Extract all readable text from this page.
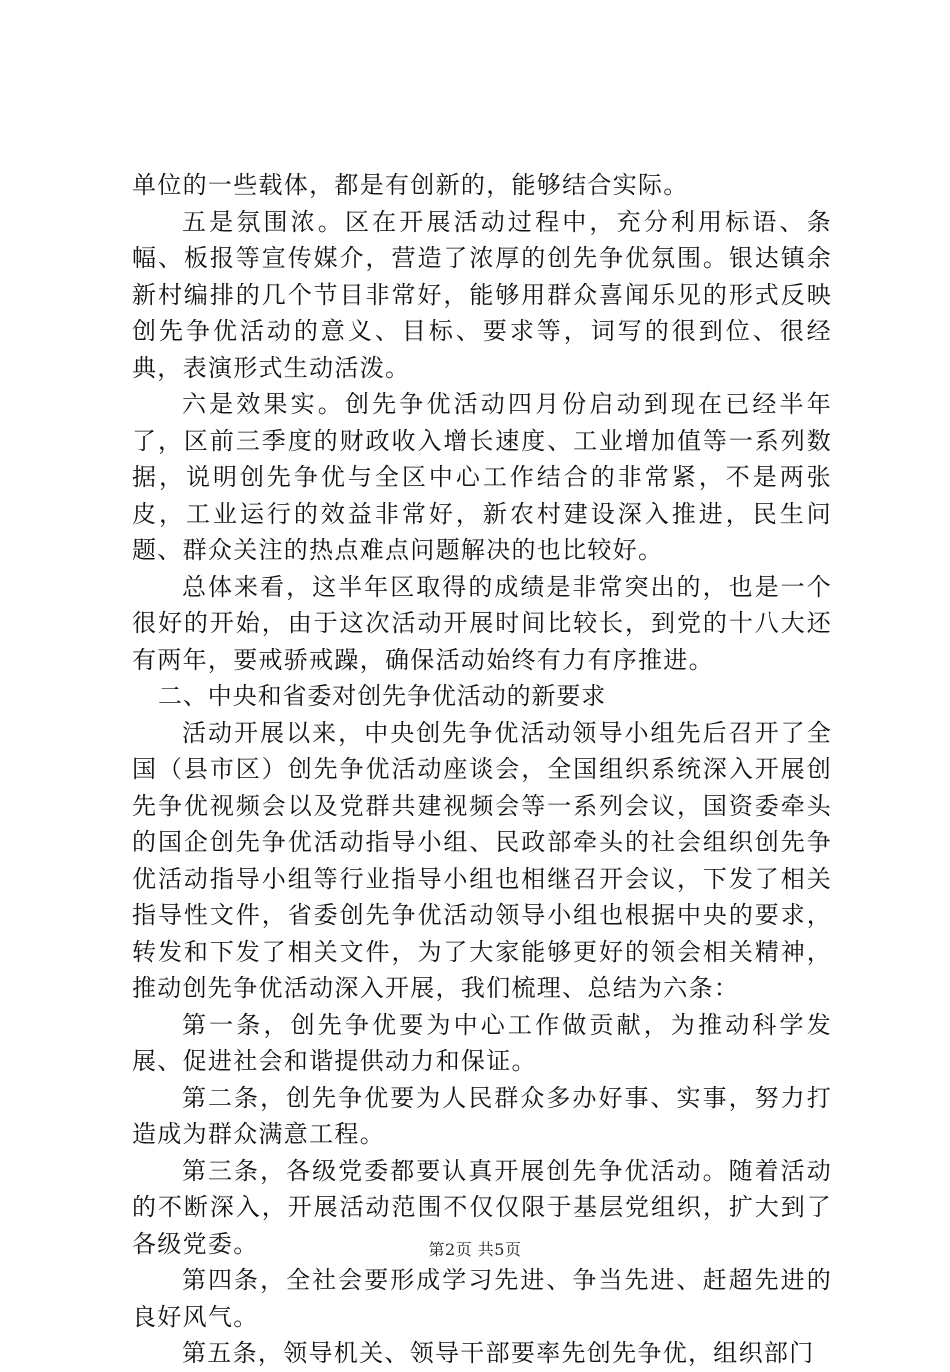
单位的一些载体，都是有创新的，能够结合实际。

五是氛围浓。区在开展活动过程中，充分利用标语、条幅、板报等宣传媒介，营造了浓厚的创先争优氛围。银达镇余新村编排的几个节目非常好，能够用群众喜闻乐见的形式反映创先争优活动的意义、目标、要求等，词写的很到位、很经典，表演形式生动活泼。

六是效果实。创先争优活动四月份启动到现在已经半年了，区前三季度的财政收入增长速度、工业增加值等一系列数据，说明创先争优与全区中心工作结合的非常紧，不是两张皮，工业运行的效益非常好，新农村建设深入推进，民生问题、群众关注的热点难点问题解决的也比较好。

总体来看，这半年区取得的成绩是非常突出的，也是一个很好的开始，由于这次活动开展时间比较长，到党的十八大还有两年，要戒骄戒躁，确保活动始终有力有序推进。

二、中央和省委对创先争优活动的新要求

活动开展以来，中央创先争优活动领导小组先后召开了全国（县市区）创先争优活动座谈会，全国组织系统深入开展创先争优视频会以及党群共建视频会等一系列会议，国资委牵头的国企创先争优活动指导小组、民政部牵头的社会组织创先争优活动指导小组等行业指导小组也相继召开会议，下发了相关指导性文件，省委创先争优活动领导小组也根据中央的要求，转发和下发了相关文件，为了大家能够更好的领会相关精神，推动创先争优活动深入开展，我们梳理、总结为六条：

第一条，创先争优要为中心工作做贡献，为推动科学发展、促进社会和谐提供动力和保证。

第二条，创先争优要为人民群众多办好事、实事，努力打造成为群众满意工程。

第三条，各级党委都要认真开展创先争优活动。随着活动的不断深入，开展活动范围不仅仅限于基层党组织，扩大到了各级党委。

第四条，全社会要形成学习先进、争当先进、赶超先进的良好风气。

第五条，领导机关、领导干部要率先创先争优，组织部门

第2页 共5页
